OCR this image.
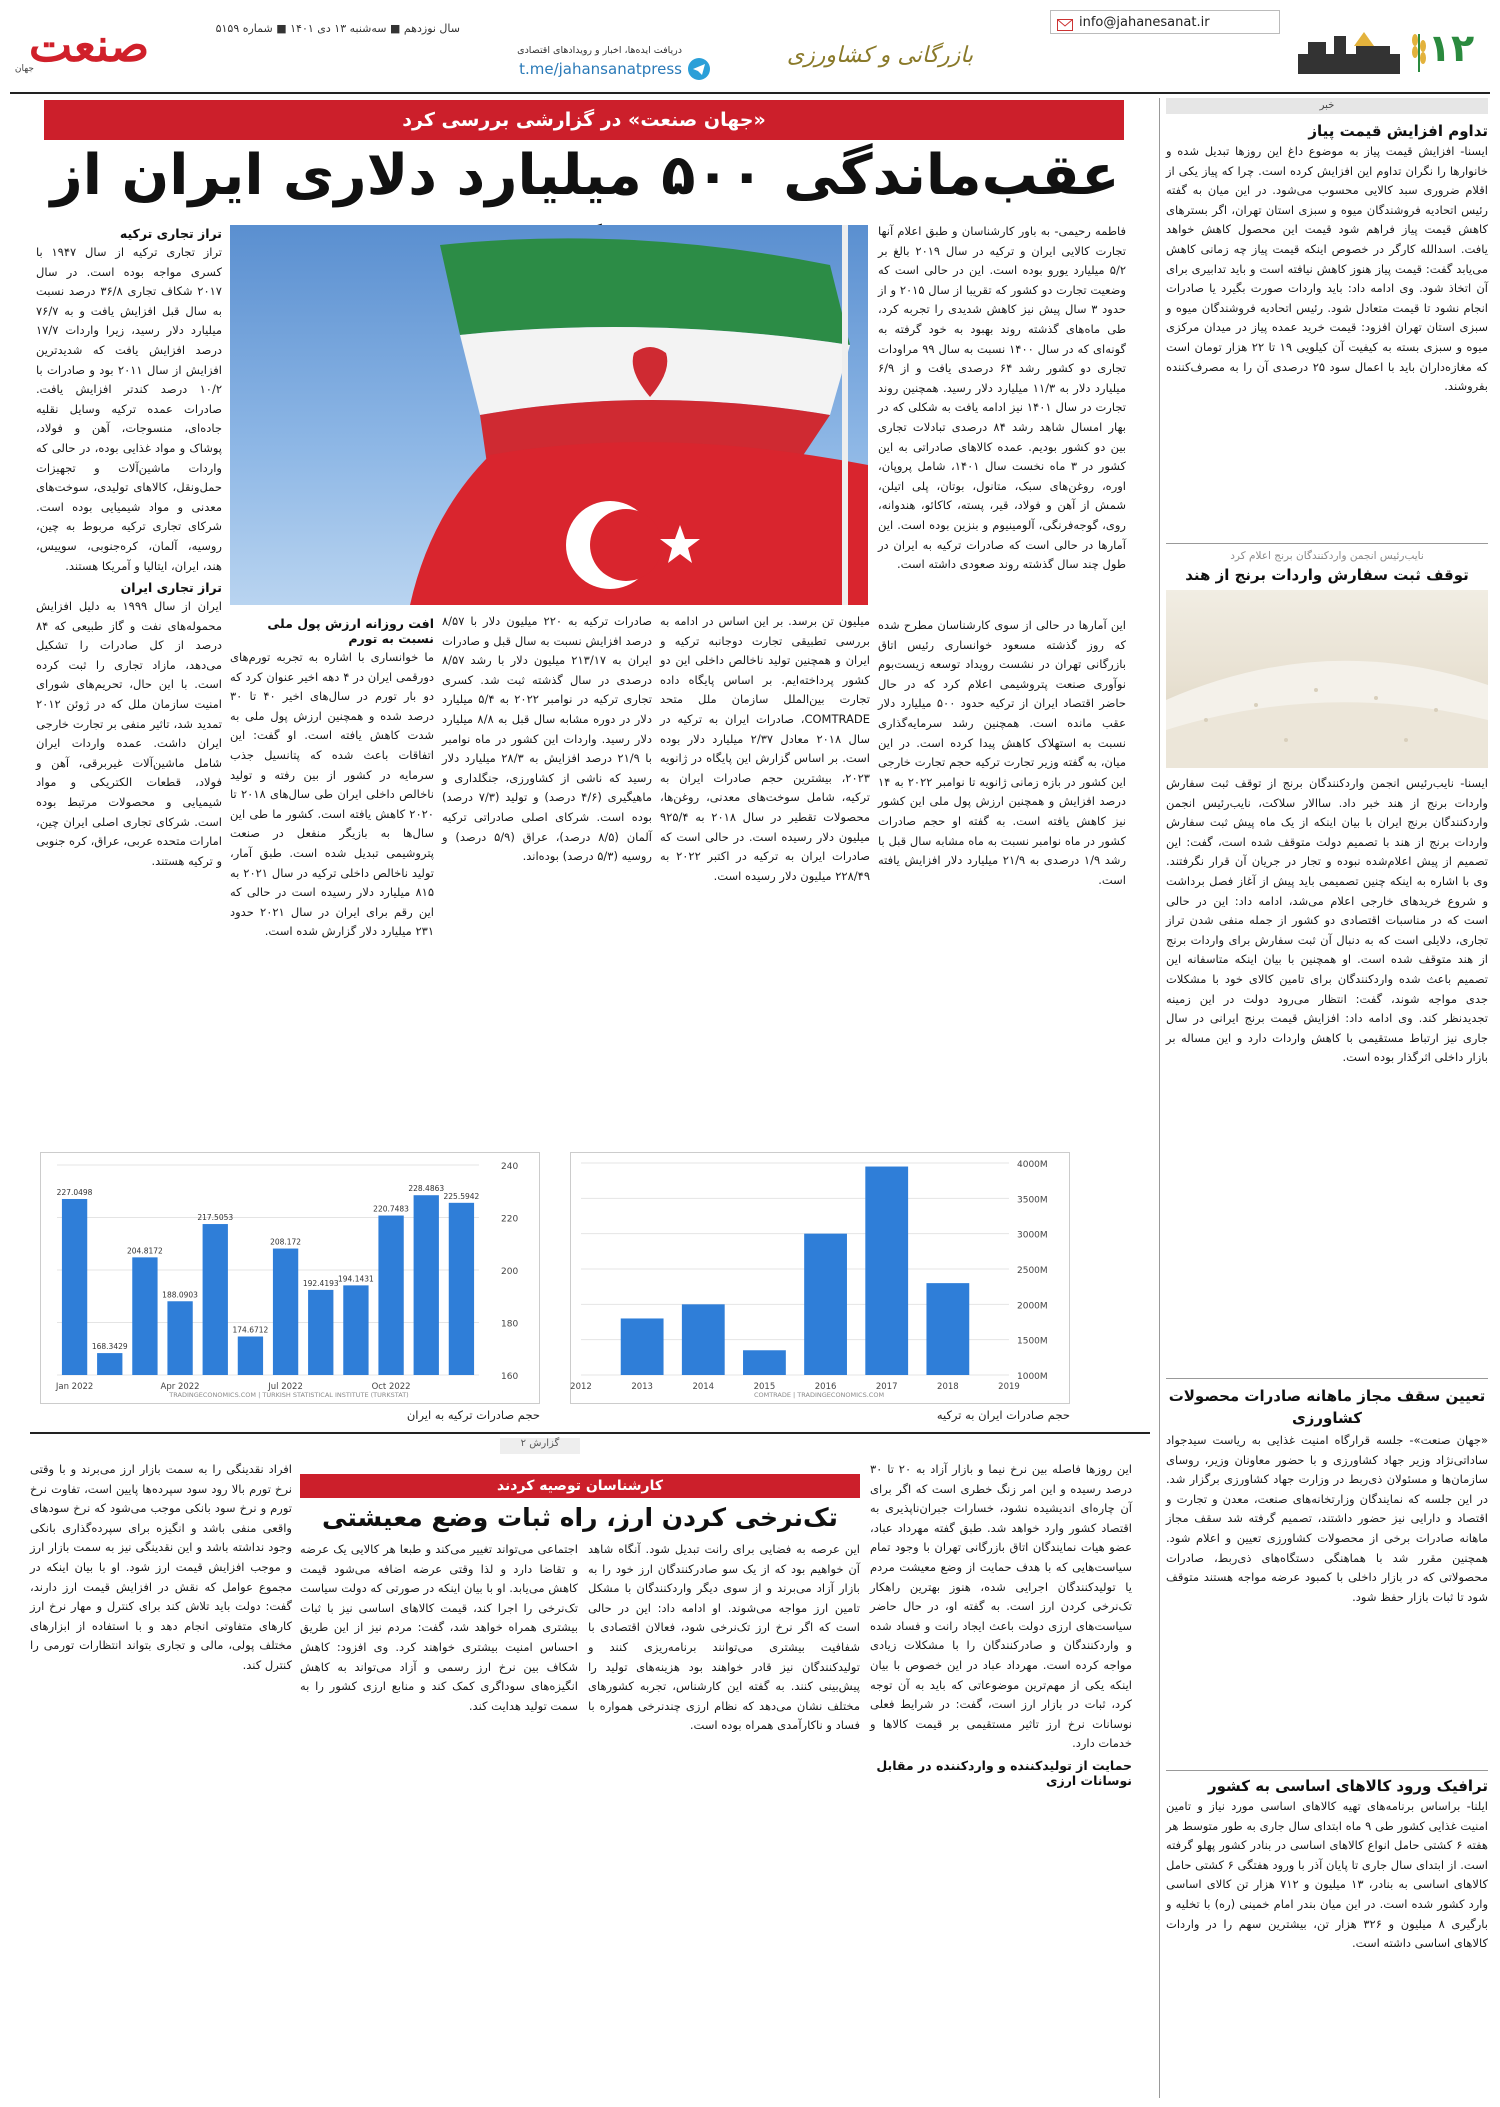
۱۲
info@jahanesanat.ir
بازرگانی و کشاورزی
دریافت ایده‌ها، اخبار و رویدادهای اقتصادی
t.me/jahansanatpress
سال نوزدهم ■ سه‌شنبه ۱۳ دی ۱۴۰۱ ■ شماره ۵۱۵۹
صنعت
جهان
خبر
تداوم افزایش قیمت پیاز
ایسنا- افزایش قیمت پیاز به موضوع داغ این روزها تبدیل شده و خانوارها را نگران تداوم این افزایش کرده است. چرا که پیاز یکی از اقلام ضروری سبد کالایی محسوب می‌شود. در این میان به گفته رئیس اتحادیه فروشندگان میوه و سبزی استان تهران، اگر بسترهای کاهش قیمت پیاز فراهم شود قیمت این محصول کاهش خواهد یافت. اسدالله کارگر در خصوص اینکه قیمت پیاز چه زمانی کاهش می‌یابد گفت: قیمت پیاز هنوز کاهش نیافته است و باید تدابیری برای آن اتخاذ شود. وی ادامه داد: باید واردات صورت بگیرد یا صادرات انجام نشود تا قیمت متعادل شود. رئیس اتحادیه فروشندگان میوه و سبزی استان تهران افزود: قیمت خرید عمده پیاز در میدان مرکزی میوه و سبزی بسته به کیفیت آن کیلویی ۱۹ تا ۲۲ هزار تومان است که مغازه‌داران باید با اعمال سود ۲۵ درصدی آن را به مصرف‌کننده بفروشند.
نایب‌رئیس انجمن واردکنندگان برنج اعلام کرد
توقف ثبت سفارش واردات برنج از هند
ایسنا- نایب‌رئیس انجمن واردکنندگان برنج از توقف ثبت سفارش واردات برنج از هند خبر داد. ساالار سلاکت، نایب‌رئیس انجمن واردکنندگان برنج ایران با بیان اینکه از یک ماه پیش ثبت سفارش واردات برنج از هند با تصمیم دولت متوقف شده است، گفت: این تصمیم از پیش اعلام‌شده نبوده و تجار در جریان آن قرار نگرفتند. وی با اشاره به اینکه چنین تصمیمی باید پیش از آغاز فصل برداشت و شروع خریدهای خارجی اعلام می‌شد، ادامه داد: این در حالی است که در مناسبات اقتصادی دو کشور از جمله منفی شدن تراز تجاری، دلایلی است که به دنبال آن ثبت سفارش برای واردات برنج از هند متوقف شده است. او همچنین با بیان اینکه متاسفانه این تصمیم باعث شده واردکنندگان برای تامین کالای خود با مشکلات جدی مواجه شوند، گفت: انتظار می‌رود دولت در این زمینه تجدیدنظر کند. وی ادامه داد: افزایش قیمت برنج ایرانی در سال جاری نیز ارتباط مستقیمی با کاهش واردات دارد و این مساله بر بازار داخلی اثرگذار بوده است.
تعیین سقف مجاز ماهانه صادرات محصولات کشاورزی
«جهان صنعت»- جلسه قرارگاه امنیت غذایی به ریاست سیدجواد ساداتی‌نژاد وزیر جهاد کشاورزی و با حضور معاونان وزیر، روسای سازمان‌ها و مسئولان ذی‌ربط در وزارت جهاد کشاورزی برگزار شد. در این جلسه که نمایندگان وزارتخانه‌های صنعت، معدن و تجارت و اقتصاد و دارایی نیز حضور داشتند، تصمیم گرفته شد سقف مجاز ماهانه صادرات برخی از محصولات کشاورزی تعیین و اعلام شود. همچنین مقرر شد با هماهنگی دستگاه‌های ذی‌ربط، صادرات محصولاتی که در بازار داخلی با کمبود عرضه مواجه هستند متوقف شود تا ثبات بازار حفظ شود.
ترافیک ورود کالاهای اساسی به کشور
ایلنا- براساس برنامه‌های تهیه کالاهای اساسی مورد نیاز و تامین امنیت غذایی کشور طی ۹ ماه ابتدای سال جاری به طور متوسط هر هفته ۶ کشتی حامل انواع کالاهای اساسی در بنادر کشور پهلو گرفته است. از ابتدای سال جاری تا پایان آذر با ورود هفتگی ۶ کشتی حامل کالاهای اساسی به بنادر، ۱۳ میلیون و ۷۱۲ هزار تن کالای اساسی وارد کشور شده است. در این میان بندر امام خمینی (ره) با تخلیه و بارگیری ۸ میلیون و ۳۲۶ هزار تن، بیشترین سهم را در واردات کالاهای اساسی داشته است.
«جهان صنعت» در گزارشی بررسی کرد
عقب‌ماندگی ۵۰۰ میلیارد دلاری ایران از
فاطمه رحیمی- به باور کارشناسان و طبق اعلام آنها تجارت کالایی ایران و ترکیه در سال ۲۰۱۹ بالغ بر ۵/۲ میلیارد یورو بوده است. این در حالی است که وضعیت تجارت دو کشور که تقریبا از سال ۲۰۱۵ و از حدود ۳ سال پیش نیز کاهش شدیدی را تجربه کرد، طی ماه‌های گذشته روند بهبود به خود گرفته به گونه‌ای که در سال ۱۴۰۰ نسبت به سال ۹۹ مراودات تجاری دو کشور رشد ۶۴ درصدی یافت و از ۶/۹ میلیارد دلار به ۱۱/۳ میلیارد دلار رسید. همچنین روند تجارت در سال ۱۴۰۱ نیز ادامه یافت به شکلی که در بهار امسال شاهد رشد ۸۴ درصدی تبادلات تجاری بین دو کشور بودیم. عمده کالاهای صادراتی به این کشور در ۳ ماه نخست سال ۱۴۰۱، شامل پروپان، اوره، روغن‌های سبک، متانول، بوتان، پلی اتیلن، شمش از آهن و فولاد، قیر، پسته، کاکائو، هندوانه، روی، گوجه‌فرنگی، آلومینیوم و بنزین بوده است. این آمارها در حالی است که صادرات ترکیه به ایران در طول چند سال گذشته روند صعودی داشته است.
این آمارها در حالی از سوی کارشناسان مطرح شده که روز گذشته مسعود خوانساری رئیس اتاق بازرگانی تهران در نشست رویداد توسعه زیست‌بوم نوآوری صنعت پتروشیمی اعلام کرد که در حال حاضر اقتصاد ایران از ترکیه حدود ۵۰۰ میلیارد دلار عقب مانده است. همچنین رشد سرمایه‌گذاری نسبت به استهلاک کاهش پیدا کرده است. در این میان، به گفته وزیر تجارت ترکیه حجم تجارت خارجی این کشور در بازه زمانی ژانویه تا نوامبر ۲۰۲۲ به ۱۴ درصد افزایش و همچنین ارزش پول ملی این کشور نیز کاهش یافته است. به گفته او حجم صادرات کشور در ماه نوامبر نسبت به ماه مشابه سال قبل با رشد ۱/۹ درصدی به ۲۱/۹ میلیارد دلار افزایش یافته است.
تراز تجاری ترکیه
تراز تجاری ترکیه از سال ۱۹۴۷ با کسری مواجه بوده است. در سال ۲۰۱۷ شکاف تجاری ۳۶/۸ درصد نسبت به سال قبل افزایش یافت و به ۷۶/۷ میلیارد دلار رسید، زیرا واردات ۱۷/۷ درصد افزایش یافت که شدیدترین افزایش از سال ۲۰۱۱ بود و صادرات با ۱۰/۲ درصد کندتر افزایش یافت. صادرات عمده ترکیه وسایل نقلیه جاده‌ای، منسوجات، آهن و فولاد، پوشاک و مواد غذایی بوده، در حالی که واردات ماشین‌آلات و تجهیزات حمل‌ونقل، کالاهای تولیدی، سوخت‌های معدنی و مواد شیمیایی بوده است. شرکای تجاری ترکیه مربوط به چین، روسیه، آلمان، کره‌جنوبی، سوییس، هند، ایران، ایتالیا و آمریکا هستند.
تراز تجاری ایران
ایران از سال ۱۹۹۹ به دلیل افزایش محموله‌های نفت و گاز طبیعی که ۸۴ درصد از کل صادرات را تشکیل می‌دهد، مازاد تجاری را ثبت کرده است. با این حال، تحریم‌های شورای امنیت سازمان ملل که در ژوئن ۲۰۱۲ تمدید شد، تاثیر منفی بر تجارت خارجی ایران داشت. عمده واردات ایران شامل ماشین‌آلات غیربرقی، آهن و فولاد، قطعات الکتریکی و مواد شیمیایی و محصولات مرتبط بوده است. شرکای تجاری اصلی ایران چین، امارات متحده عربی، عراق، کره جنوبی و ترکیه هستند.
میلیون تن برسد. بر این اساس در ادامه به بررسی تطبیقی تجارت دوجانبه ترکیه و ایران و همچنین تولید ناخالص داخلی این دو کشور پرداخته‌ایم. بر اساس پایگاه داده تجارت بین‌الملل سازمان ملل متحد COMTRADE، صادرات ایران به ترکیه در سال ۲۰۱۸ معادل ۲/۳۷ میلیارد دلار بوده است. بر اساس گزارش این پایگاه در ژانویه ۲۰۲۳، بیشترین حجم صادرات ایران به ترکیه، شامل سوخت‌های معدنی، روغن‌ها، محصولات تقطیر در سال ۲۰۱۸ به ۹۲۵/۴ میلیون دلار رسیده است. در حالی است که صادرات ایران به ترکیه در اکتبر ۲۰۲۲ به ۲۲۸/۴۹ میلیون دلار رسیده است.
صادرات ترکیه به ۲۲۰ میلیون دلار با ۸/۵۷ درصد افزایش نسبت به سال قبل و صادرات ایران به ۲۱۳/۱۷ میلیون دلار با رشد ۸/۵۷ درصدی در سال گذشته ثبت شد. کسری تجاری ترکیه در نوامبر ۲۰۲۲ به ۵/۴ میلیارد دلار در دوره مشابه سال قبل به ۸/۸ میلیارد دلار رسید. واردات این کشور در ماه نوامبر با ۲۱/۹ درصد افزایش به ۲۸/۳ میلیارد دلار رسید که ناشی از کشاورزی، جنگلداری و ماهیگیری (۴/۶ درصد) و تولید (۷/۳ درصد) بوده است. شرکای اصلی صادراتی ترکیه آلمان (۸/۵ درصد)، عراق (۵/۹ درصد) و روسیه (۵/۳ درصد) بوده‌اند.
افت روزانه ارزش پول ملی نسبت به تورم
ما خوانساری با اشاره به تجربه تورم‌های دورقمی ایران در ۴ دهه اخیر عنوان کرد که دو بار تورم در سال‌های اخیر ۴۰ تا ۳۰ درصد شده و همچنین ارزش پول ملی به شدت کاهش یافته است. او گفت: این اتفاقات باعث شده که پتانسیل جذب سرمایه در کشور از بین رفته و تولید ناخالص داخلی ایران طی سال‌های ۲۰۱۸ تا ۲۰۲۰ کاهش یافته است. کشور ما طی این سال‌ها به بازیگر منفعل در صنعت پتروشیمی تبدیل شده است. طبق آمار، تولید ناخالص داخلی ترکیه در سال ۲۰۲۱ به ۸۱۵ میلیارد دلار رسیده است در حالی که این رقم برای ایران در سال ۲۰۲۱ حدود ۲۳۱ میلیارد دلار گزارش شده است.
240
220
200
180
160
227.0498
168.3429
204.8172
188.0903
217.5053
174.6712
208.172
192.4193
194.1431
220.7483
228.4863
225.5942
Jan 2022	Apr 2022	Jul 2022	Oct 2022
TRADINGECONOMICS.COM | TURKISH STATISTICAL INSTITUTE (TURKSTAT)
حجم صادرات ترکیه به ایران
4000M
3500M
3000M
2500M
2000M
1500M
1000M
2012	2013	2014	2015	2016	2017	2018	2019
COMTRADE | TRADINGECONOMICS.COM
حجم صادرات ایران به ترکیه
گزارش ۲
کارشناسان توصیه کردند
تک‌نرخی کردن ارز، راه ثبات وضع معیشتی
این روزها فاصله بین نرخ نیما و بازار آزاد به ۲۰ تا ۳۰ درصد رسیده و این امر زنگ خطری است که اگر برای آن چاره‌ای اندیشیده نشود، خسارات جبران‌ناپذیری به اقتصاد کشور وارد خواهد شد. طبق گفته مهرداد عباد، عضو هیات نمایندگان اتاق بازرگانی تهران با وجود تمام سیاست‌هایی که با هدف حمایت از وضع معیشت مردم یا تولیدکنندگان اجرایی شده، هنوز بهترین راهکار تک‌نرخی کردن ارز است. به گفته او، در حال حاضر سیاست‌های ارزی دولت باعث ایجاد رانت و فساد شده و واردکنندگان و صادرکنندگان را با مشکلات زیادی مواجه کرده است. مهرداد عباد در این خصوص با بیان اینکه یکی از مهم‌ترین موضوعاتی که باید به آن توجه کرد، ثبات در بازار ارز است، گفت: در شرایط فعلی نوسانات نرخ ارز تاثیر مستقیمی بر قیمت کالاها و خدمات دارد.
حمایت از تولیدکننده و واردکننده در مقابل نوسانات ارزی
این عرصه به فضایی برای رانت تبدیل شود. آنگاه شاهد آن خواهیم بود که از یک سو صادرکنندگان ارز خود را به بازار آزاد می‌برند و از سوی دیگر واردکنندگان با مشکل تامین ارز مواجه می‌شوند. او ادامه داد: این در حالی است که اگر نرخ ارز تک‌نرخی شود، فعالان اقتصادی با شفافیت بیشتری می‌توانند برنامه‌ریزی کنند و تولیدکنندگان نیز قادر خواهند بود هزینه‌های تولید را پیش‌بینی کنند. به گفته این کارشناس، تجربه کشورهای مختلف نشان می‌دهد که نظام ارزی چندنرخی همواره با فساد و ناکارآمدی همراه بوده است.
اجتماعی می‌تواند تغییر می‌کند و طبعا هر کالایی یک عرضه و تقاضا دارد و لذا وقتی عرضه اضافه می‌شود قیمت کاهش می‌یابد. او با بیان اینکه در صورتی که دولت سیاست تک‌نرخی را اجرا کند، قیمت کالاهای اساسی نیز با ثبات بیشتری همراه خواهد شد، گفت: مردم نیز از این طریق احساس امنیت بیشتری خواهند کرد. وی افزود: کاهش شکاف بین نرخ ارز رسمی و آزاد می‌تواند به کاهش انگیزه‌های سوداگری کمک کند و منابع ارزی کشور را به سمت تولید هدایت کند.
افراد نقدینگی را به سمت بازار ارز می‌برند و با وقتی نرخ تورم بالا رود سود سپرده‌ها پایین است، تفاوت نرخ تورم و نرخ سود بانکی موجب می‌شود که نرخ سودهای واقعی منفی باشد و انگیزه برای سپرده‌گذاری بانکی وجود نداشته باشد و این نقدینگی نیز به سمت بازار ارز و موجب افزایش قیمت ارز شود. او با بیان اینکه در مجموع عوامل که نقش در افزایش قیمت ارز دارند، گفت: دولت باید تلاش کند برای کنترل و مهار نرخ ارز کارهای متفاوتی انجام دهد و با استفاده از ابزارهای مختلف پولی، مالی و تجاری بتواند انتظارات تورمی را کنترل کند.
